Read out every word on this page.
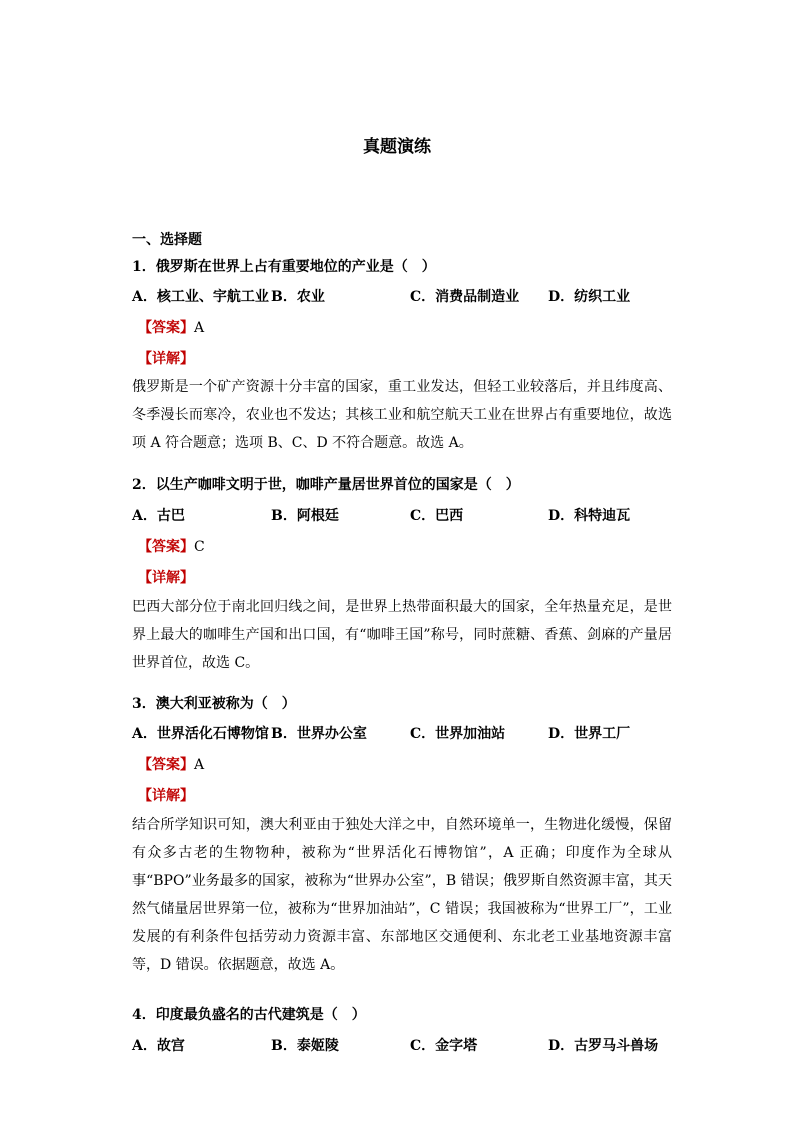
真题演练
一、选择题
1．俄罗斯在世界上占有重要地位的产业是（　）
A．核工业、宇航工业 B．农业	C．消费品制造业 D．纺织工业
【答案】A
【详解】
俄罗斯是一个矿产资源十分丰富的国家，重工业发达，但轻工业较落后，并且纬度高、冬季漫长而寒冷，农业也不发达；其核工业和航空航天工业在世界占有重要地位，故选项 A 符合题意；选项 B、C、D 不符合题意。故选 A。
2．以生产咖啡文明于世，咖啡产量居世界首位的国家是（　）
A．古巴	B．阿根廷	C．巴西	D．科特迪瓦
【答案】C
【详解】
巴西大部分位于南北回归线之间，是世界上热带面积最大的国家，全年热量充足，是世界上最大的咖啡生产国和出口国，有“咖啡王国”称号，同时蔗糖、香蕉、剑麻的产量居世界首位，故选 C。
3．澳大利亚被称为（　）
A．世界活化石博物馆 B．世界办公室	C．世界加油站	D．世界工厂
【答案】A
【详解】
结合所学知识可知，澳大利亚由于独处大洋之中，自然环境单一，生物进化缓慢，保留有众多古老的生物物种，被称为“世界活化石博物馆”，A 正确；印度作为全球从事“BPO”业务最多的国家，被称为“世界办公室”，B 错误；俄罗斯自然资源丰富，其天然气储量居世界第一位，被称为“世界加油站”，C 错误；我国被称为“世界工厂”，工业发展的有利条件包括劳动力资源丰富、东部地区交通便利、东北老工业基地资源丰富等，D 错误。依据题意，故选 A。
4．印度最负盛名的古代建筑是（　）
A．故宫	B．泰姬陵	C．金字塔	D．古罗马斗兽场
